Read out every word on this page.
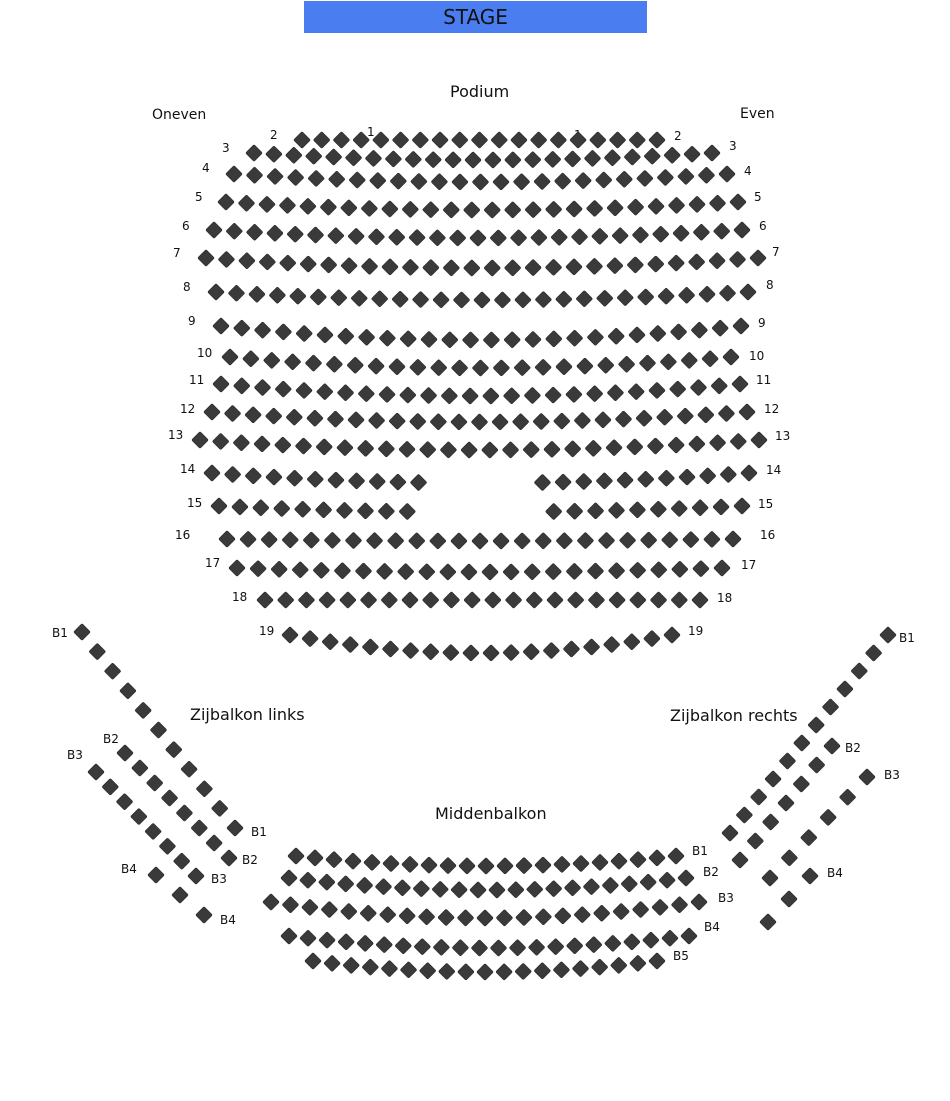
STAGE
Podium
Oneven	Even
Zijbalkon links	Zijbalkon rechts
Middenbalkon
1
2
3
4
5
6
7
8
9
10
11
12
13
14
15
16
17
18
19
2
3
4
5
6
7
8
9
10
11
12
13
14
15
16
17
18
19
B1
B2
B3
B4
B1
B2
B3
B4
B1
B2
B3
B4
B1
B2
B3
B4
B5
